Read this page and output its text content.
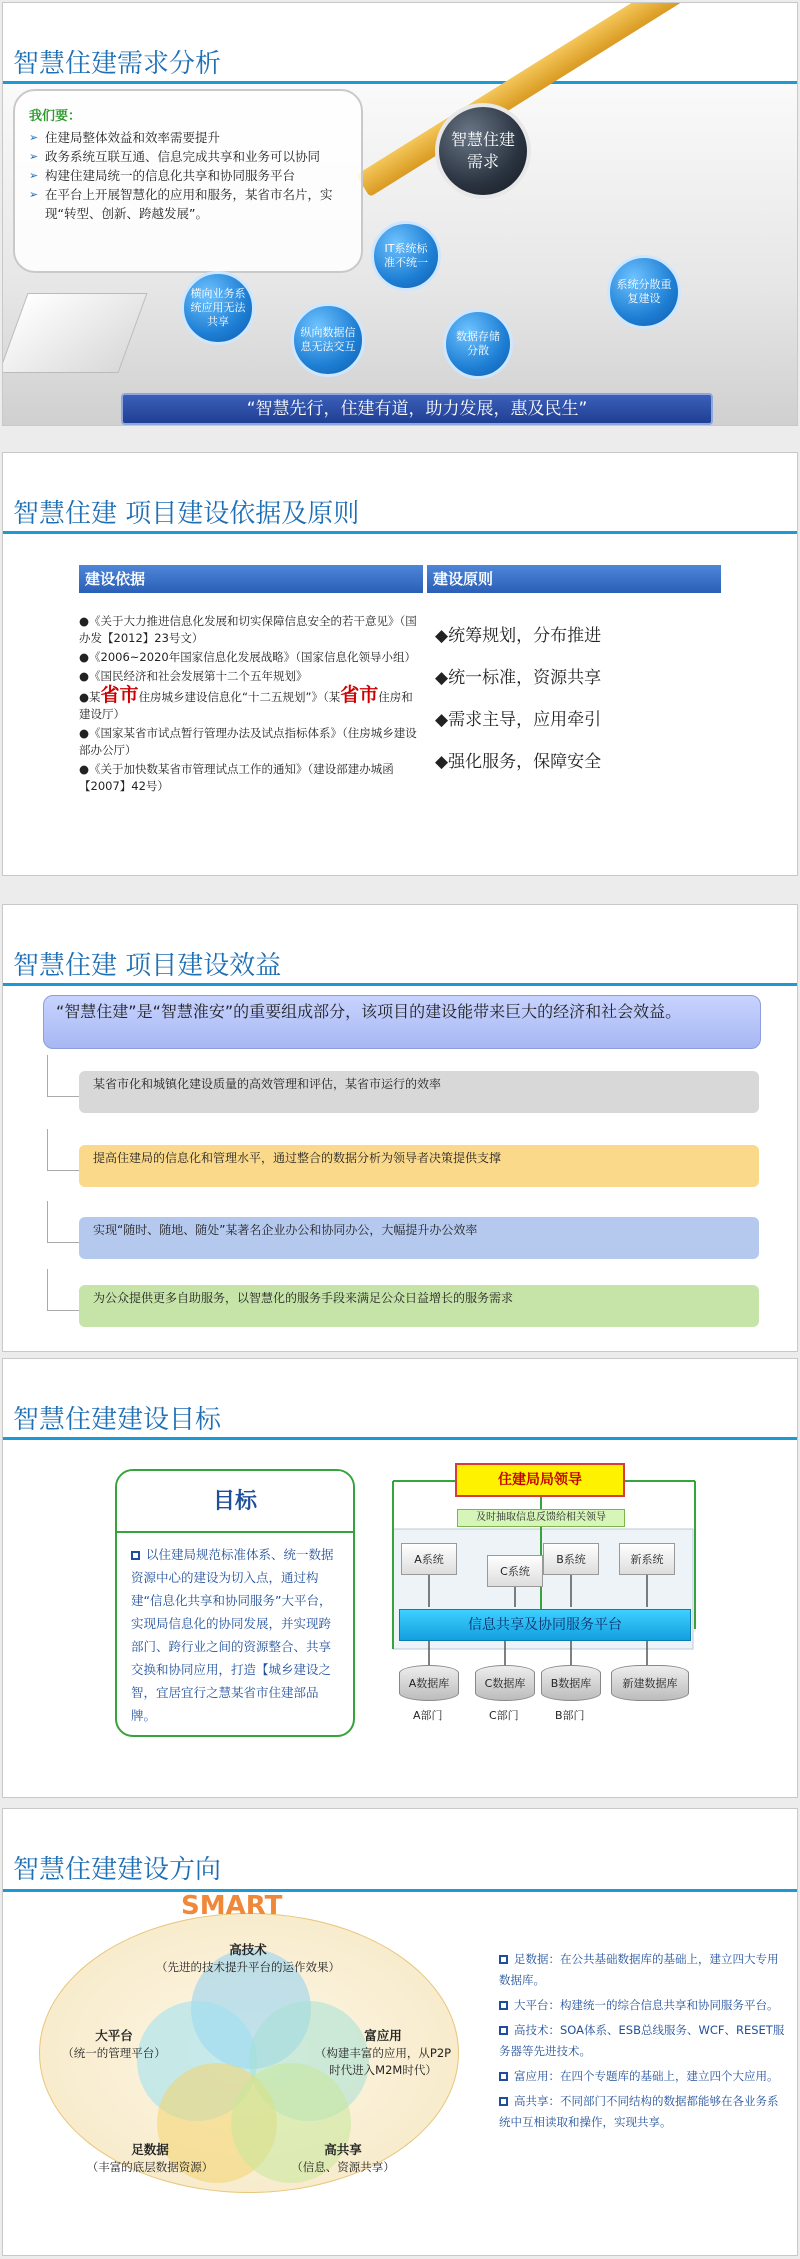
智慧住建需求分析
我们要：
➢ 住建局整体效益和效率需要提升
➢ 政务系统互联互通、信息完成共享和业务可以协同
➢ 构建住建局统一的信息化共享和协同服务平台
➢ 在平台上开展智慧化的应用和服务，某省市名片，实现“转型、创新、跨越发展”。
智慧住建需求
IT系统标准不统一
横向业务系统应用无法共享
纵向数据信息无法交互
数据存储分散
系统分散重复建设
“智慧先行，住建有道，助力发展，惠及民生”
智慧住建 项目建设依据及原则
建设依据	建设原则

●《关于大力推进信息化发展和切实保障信息安全的若干意见》（国办发【2012】23号文）

●《2006~2020年国家信息化发展战略》（国家信息化领导小组）

●《国民经济和社会发展第十二个五年规划》

●某省市住房城乡建设信息化“十二五规划”》（某省市住房和建设厅）

●《国家某省市试点暂行管理办法及试点指标体系》（住房城乡建设部办公厅）

●《关于加快数某省市管理试点工作的通知》（建设部建办城函【2007】42号）

◆统筹规划，分布推进

◆统一标准，资源共享

◆需求主导，应用牵引

◆强化服务，保障安全

智慧住建 项目建设效益
“智慧住建”是“智慧淮安”的重要组成部分，该项目的建设能带来巨大的经济和社会效益。
某省市化和城镇化建设质量的高效管理和评估，某省市运行的效率
提高住建局的信息化和管理水平，通过整合的数据分析为领导者决策提供支撑
实现“随时、随地、随处”某著名企业办公和协同办公，大幅提升办公效率
为公众提供更多自助服务，以智慧化的服务手段来满足公众日益增长的服务需求
智慧住建建设目标
目标
以住建局规范标准体系、统一数据资源中心的建设为切入点，通过构建“信息化共享和协同服务”大平台，实现局信息化的协同发展，并实现跨部门、跨行业之间的资源整合、共享交换和协同应用，打造【城乡建设之智，宜居宜行之慧某省市住建部品牌。
住建局局领导
及时抽取信息反馈给相关领导
A系统	B系统	新系统
C系统
信息共享及协同服务平台
A数据库	C数据库	B数据库	新建数据库
A部门	C部门	B部门
智慧住建建设方向
SMART
高技术
（先进的技术提升平台的运作效果）
大平台
（统一的管理平台）
富应用
（构建丰富的应用，从P2P时代进入M2M时代）
足数据
（丰富的底层数据资源）
高共享
（信息、资源共享）

足数据：在公共基础数据库的基础上，建立四大专用数据库。

大平台：构建统一的综合信息共享和协同服务平台。

高技术：SOA体系、ESB总线服务、WCF、RESET服务器等先进技术。

富应用：在四个专题库的基础上，建立四个大应用。

高共享：不同部门不同结构的数据都能够在各业务系统中互相读取和操作，实现共享。
